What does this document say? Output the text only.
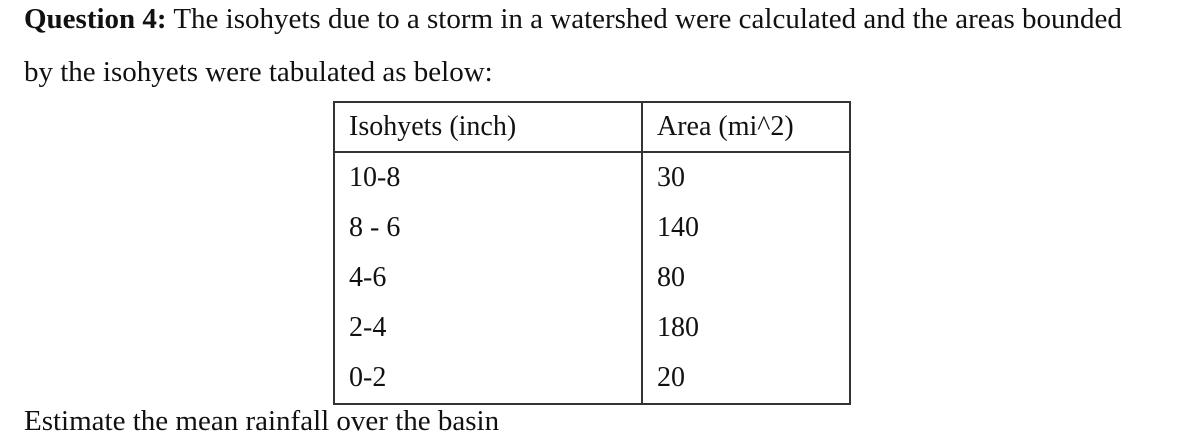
Question 4: The isohyets due to a storm in a watershed were calculated and the areas bounded
by the isohyets were tabulated as below:
Isohyets (inch)	Area (mi^2)
10-8	30
8 - 6	140
4-6	80
2-4	180
0-2	20
Estimate the mean rainfall over the basin
